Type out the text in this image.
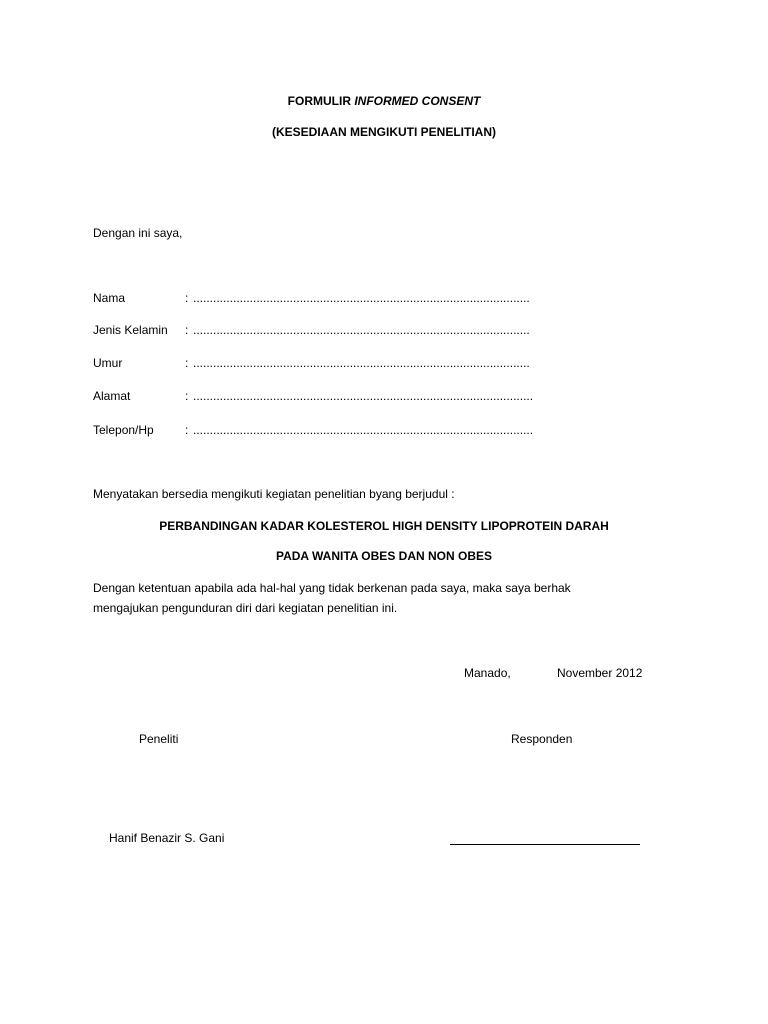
FORMULIR INFORMED CONSENT
(KESEDIAAN MENGIKUTI PENELITIAN)
Dengan ini saya,
Nama	: .....................................................................................................
Jenis Kelamin : .....................................................................................................
Umur	: .....................................................................................................
Alamat	: ......................................................................................................
Telepon/Hp	: ......................................................................................................
Menyatakan bersedia mengikuti kegiatan penelitian byang berjudul :
PERBANDINGAN KADAR KOLESTEROL HIGH DENSITY LIPOPROTEIN DARAH
PADA WANITA OBES DAN NON OBES
Dengan ketentuan apabila ada hal-hal yang tidak berkenan pada saya, maka saya berhak
mengajukan pengunduran diri dari kegiatan penelitian ini.
Manado,	November 2012
Peneliti	Responden
Hanif Benazir S. Gani
